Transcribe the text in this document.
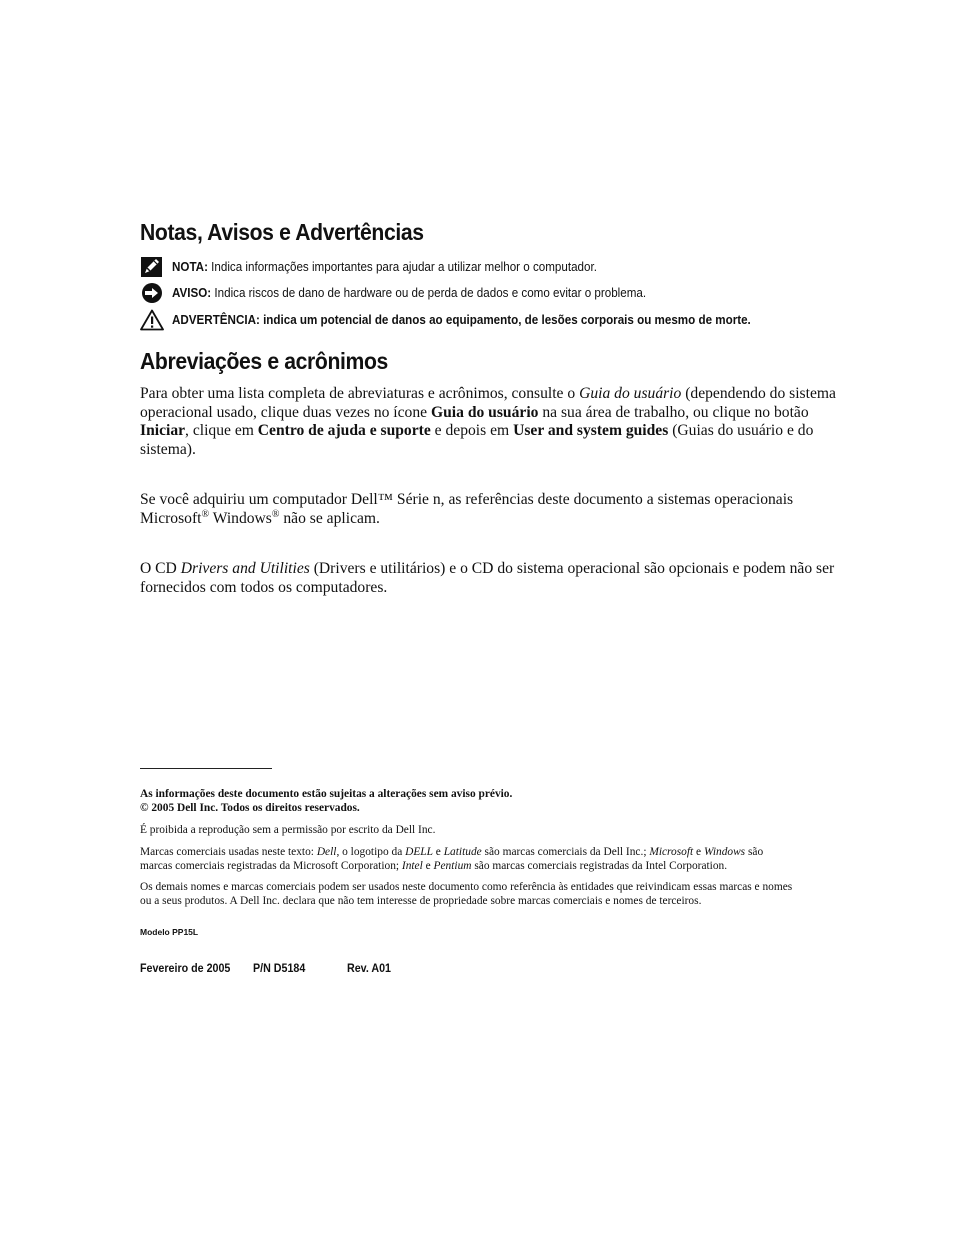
Notas, Avisos e Advertências
NOTA: Indica informações importantes para ajudar a utilizar melhor o computador.
AVISO: Indica riscos de dano de hardware ou de perda de dados e como evitar o problema.
ADVERTÊNCIA: indica um potencial de danos ao equipamento, de lesões corporais ou mesmo de morte.
Abreviações e acrônimos
Para obter uma lista completa de abreviaturas e acrônimos, consulte o Guia do usuário (dependendo do sistema
operacional usado, clique duas vezes no ícone Guia do usuário na sua área de trabalho, ou clique no botão
Iniciar, clique em Centro de ajuda e suporte e depois em User and system guides (Guias do usuário e do
sistema).
Se você adquiriu um computador Dell™ Série n, as referências deste documento a sistemas operacionais
Microsoft® Windows® não se aplicam.
O CD Drivers and Utilities (Drivers e utilitários) e o CD do sistema operacional são opcionais e podem não ser
fornecidos com todos os computadores.
As informações deste documento estão sujeitas a alterações sem aviso prévio.
© 2005 Dell Inc. Todos os direitos reservados.
É proibida a reprodução sem a permissão por escrito da Dell Inc.
Marcas comerciais usadas neste texto: Dell, o logotipo da DELL e Latitude são marcas comerciais da Dell Inc.; Microsoft e Windows são
marcas comerciais registradas da Microsoft Corporation; Intel e Pentium são marcas comerciais registradas da Intel Corporation.
Os demais nomes e marcas comerciais podem ser usados neste documento como referência às entidades que reivindicam essas marcas e nomes
ou a seus produtos. A Dell Inc. declara que não tem interesse de propriedade sobre marcas comerciais e nomes de terceiros.
Modelo PP15L
Fevereiro de 2005 P/N D5184	Rev. A01
